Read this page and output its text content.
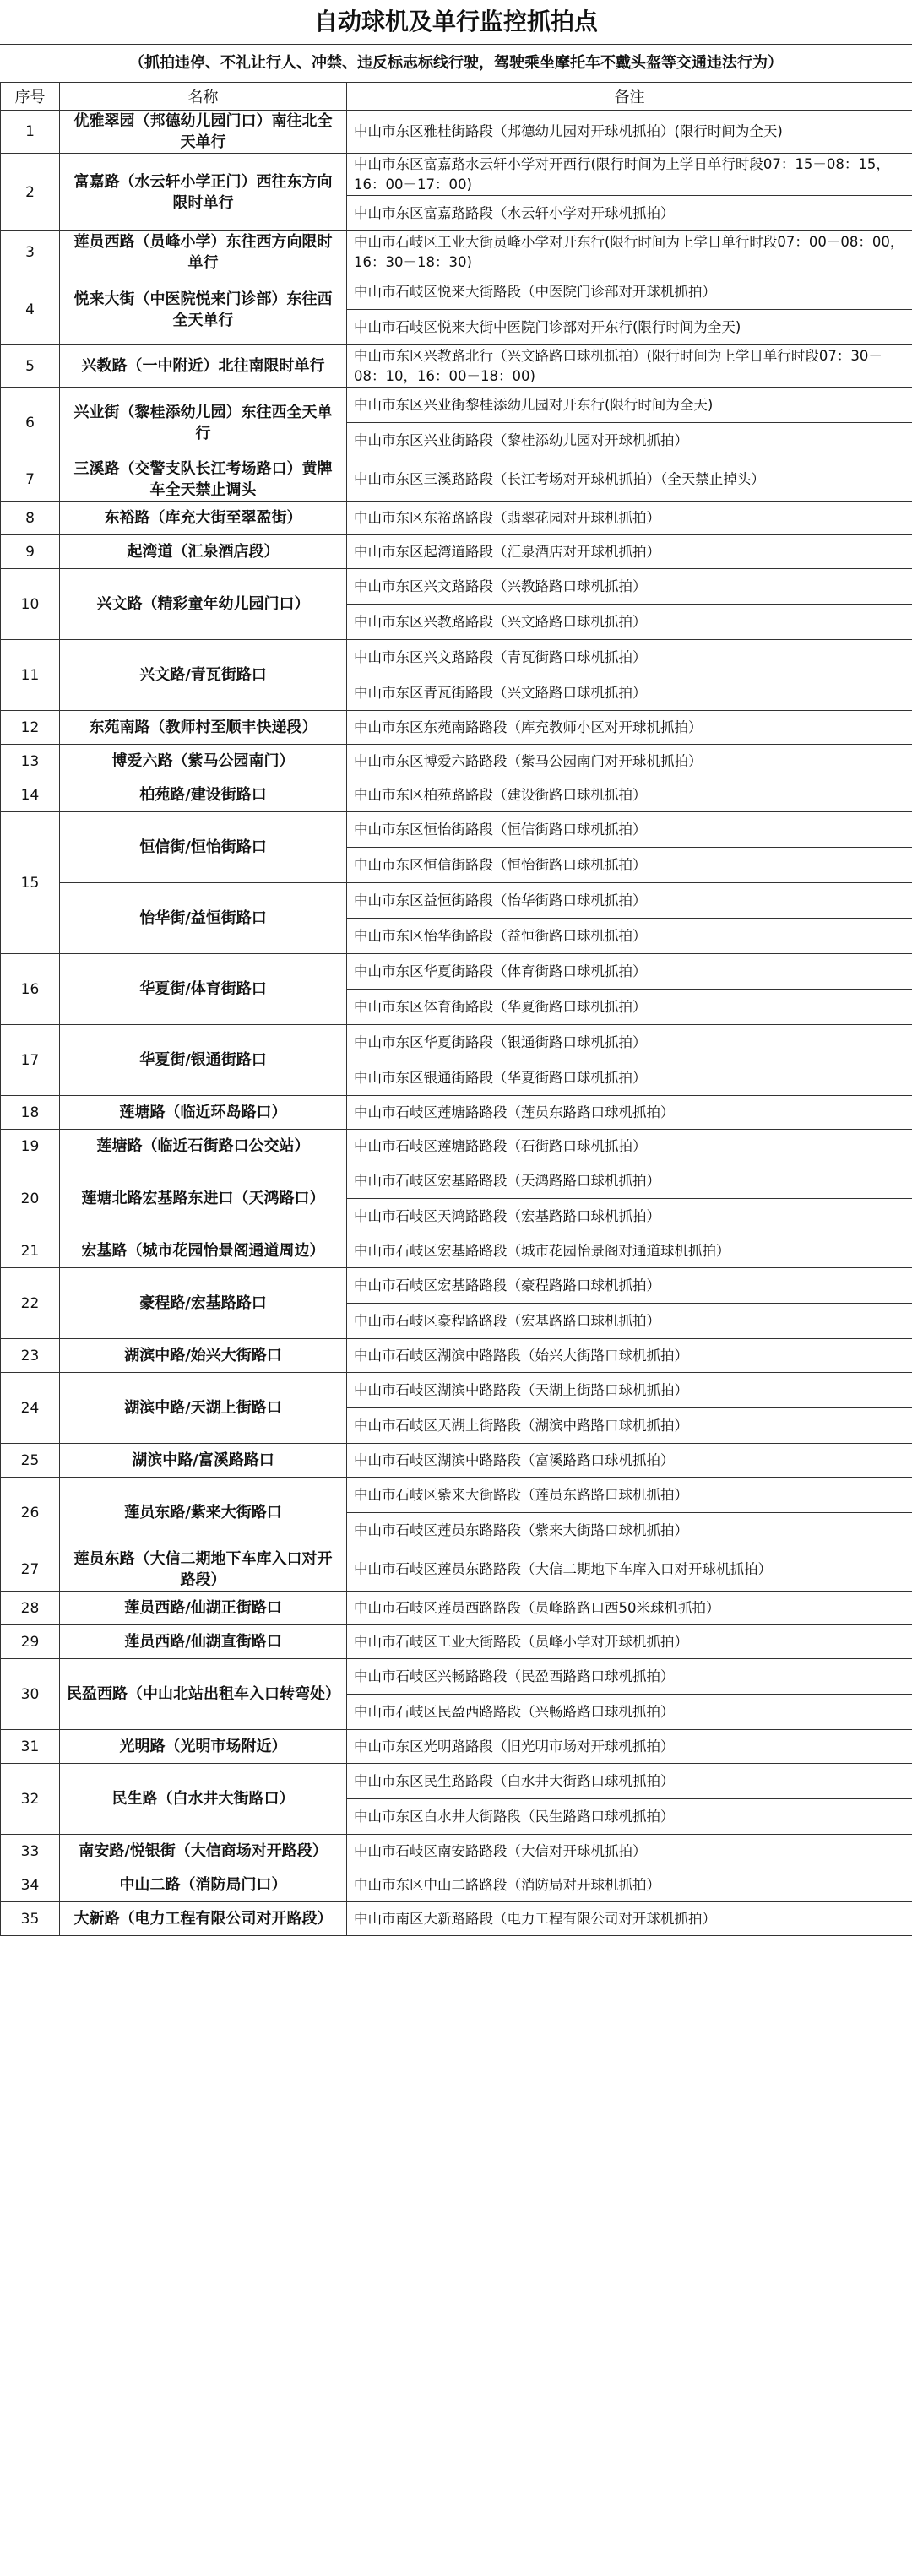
自动球机及单行监控抓拍点
（抓拍违停、不礼让行人、冲禁、违反标志标线行驶，驾驶乘坐摩托车不戴头盔等交通违法行为）
序号	名称	备注
1	优雅翠园（邦德幼儿园门口）南往北全天单行	中山市东区雅桂街路段（邦德幼儿园对开球机抓拍）(限行时间为全天)
2	富嘉路（水云轩小学正门）西往东方向限时单行	中山市东区富嘉路水云轩小学对开西行(限行时间为上学日单行时段07：15－08：15，16：00－17：00)
		中山市东区富嘉路路段（水云轩小学对开球机抓拍）
3	莲员西路（员峰小学）东往西方向限时单行	中山市石岐区工业大街员峰小学对开东行(限行时间为上学日单行时段07：00－08：00，16：30－18：30)
4	悦来大街（中医院悦来门诊部）东往西全天单行	中山市石岐区悦来大街路段（中医院门诊部对开球机抓拍）
		中山市石岐区悦来大街中医院门诊部对开东行(限行时间为全天)
5	兴教路（一中附近）北往南限时单行	中山市东区兴教路北行（兴文路路口球机抓拍）(限行时间为上学日单行时段07：30－08：10，16：00－18：00)
6	兴业街（黎桂添幼儿园）东往西全天单行	中山市东区兴业街黎桂添幼儿园对开东行(限行时间为全天)
		中山市东区兴业街路段（黎桂添幼儿园对开球机抓拍）
7	三溪路（交警支队长江考场路口）黄牌车全天禁止调头	中山市东区三溪路路段（长江考场对开球机抓拍）（全天禁止掉头）
8	东裕路（库充大街至翠盈街）	中山市东区东裕路路段（翡翠花园对开球机抓拍）
9	起湾道（汇泉酒店段）	中山市东区起湾道路段（汇泉酒店对开球机抓拍）
10	兴文路（精彩童年幼儿园门口）	中山市东区兴文路路段（兴教路路口球机抓拍）
		中山市东区兴教路路段（兴文路路口球机抓拍）
11	兴文路/青瓦街路口	中山市东区兴文路路段（青瓦街路口球机抓拍）
		中山市东区青瓦街路段（兴文路路口球机抓拍）
12	东苑南路（教师村至顺丰快递段）	中山市东区东苑南路路段（库充教师小区对开球机抓拍）
13	博爱六路（紫马公园南门）	中山市东区博爱六路路段（紫马公园南门对开球机抓拍）
14	柏苑路/建设街路口	中山市东区柏苑路路段（建设街路口球机抓拍）
15	恒信街/恒怡街路口	中山市东区恒怡街路段（恒信街路口球机抓拍）
		中山市东区恒信街路段（恒怡街路口球机抓拍）
	怡华街/益恒街路口	中山市东区益恒街路段（怡华街路口球机抓拍）
		中山市东区怡华街路段（益恒街路口球机抓拍）
16	华夏街/体育街路口	中山市东区华夏街路段（体育街路口球机抓拍）
		中山市东区体育街路段（华夏街路口球机抓拍）
17	华夏街/银通街路口	中山市东区华夏街路段（银通街路口球机抓拍）
		中山市东区银通街路段（华夏街路口球机抓拍）
18	莲塘路（临近环岛路口）	中山市石岐区莲塘路路段（莲员东路路口球机抓拍）
19	莲塘路（临近石街路口公交站）	中山市石岐区莲塘路路段（石街路口球机抓拍）
20	莲塘北路宏基路东进口（天鸿路口）	中山市石岐区宏基路路段（天鸿路路口球机抓拍）
		中山市石岐区天鸿路路段（宏基路路口球机抓拍）
21	宏基路（城市花园怡景阁通道周边）	中山市石岐区宏基路路段（城市花园怡景阁对通道球机抓拍）
22	豪程路/宏基路路口	中山市石岐区宏基路路段（豪程路路口球机抓拍）
		中山市石岐区豪程路路段（宏基路路口球机抓拍）
23	湖滨中路/始兴大街路口	中山市石岐区湖滨中路路段（始兴大街路口球机抓拍）
24	湖滨中路/天湖上街路口	中山市石岐区湖滨中路路段（天湖上街路口球机抓拍）
		中山市石岐区天湖上街路段（湖滨中路路口球机抓拍）
25	湖滨中路/富溪路路口	中山市石岐区湖滨中路路段（富溪路路口球机抓拍）
26	莲员东路/紫来大街路口	中山市石岐区紫来大街路段（莲员东路路口球机抓拍）
		中山市石岐区莲员东路路段（紫来大街路口球机抓拍）
27	莲员东路（大信二期地下车库入口对开路段）	中山市石岐区莲员东路路段（大信二期地下车库入口对开球机抓拍）
28	莲员西路/仙湖正街路口	中山市石岐区莲员西路路段（员峰路路口西50米球机抓拍）
29	莲员西路/仙湖直街路口	中山市石岐区工业大街路段（员峰小学对开球机抓拍）
30	民盈西路（中山北站出租车入口转弯处）	中山市石岐区兴畅路路段（民盈西路路口球机抓拍）
		中山市石岐区民盈西路路段（兴畅路路口球机抓拍）
31	光明路（光明市场附近）	中山市东区光明路路段（旧光明市场对开球机抓拍）
32	民生路（白水井大街路口）	中山市东区民生路路段（白水井大街路口球机抓拍）
		中山市东区白水井大街路段（民生路路口球机抓拍）
33	南安路/悦银街（大信商场对开路段）	中山市石岐区南安路路段（大信对开球机抓拍）
34	中山二路（消防局门口）	中山市东区中山二路路段（消防局对开球机抓拍）
35	大新路（电力工程有限公司对开路段）	中山市南区大新路路段（电力工程有限公司对开球机抓拍）
